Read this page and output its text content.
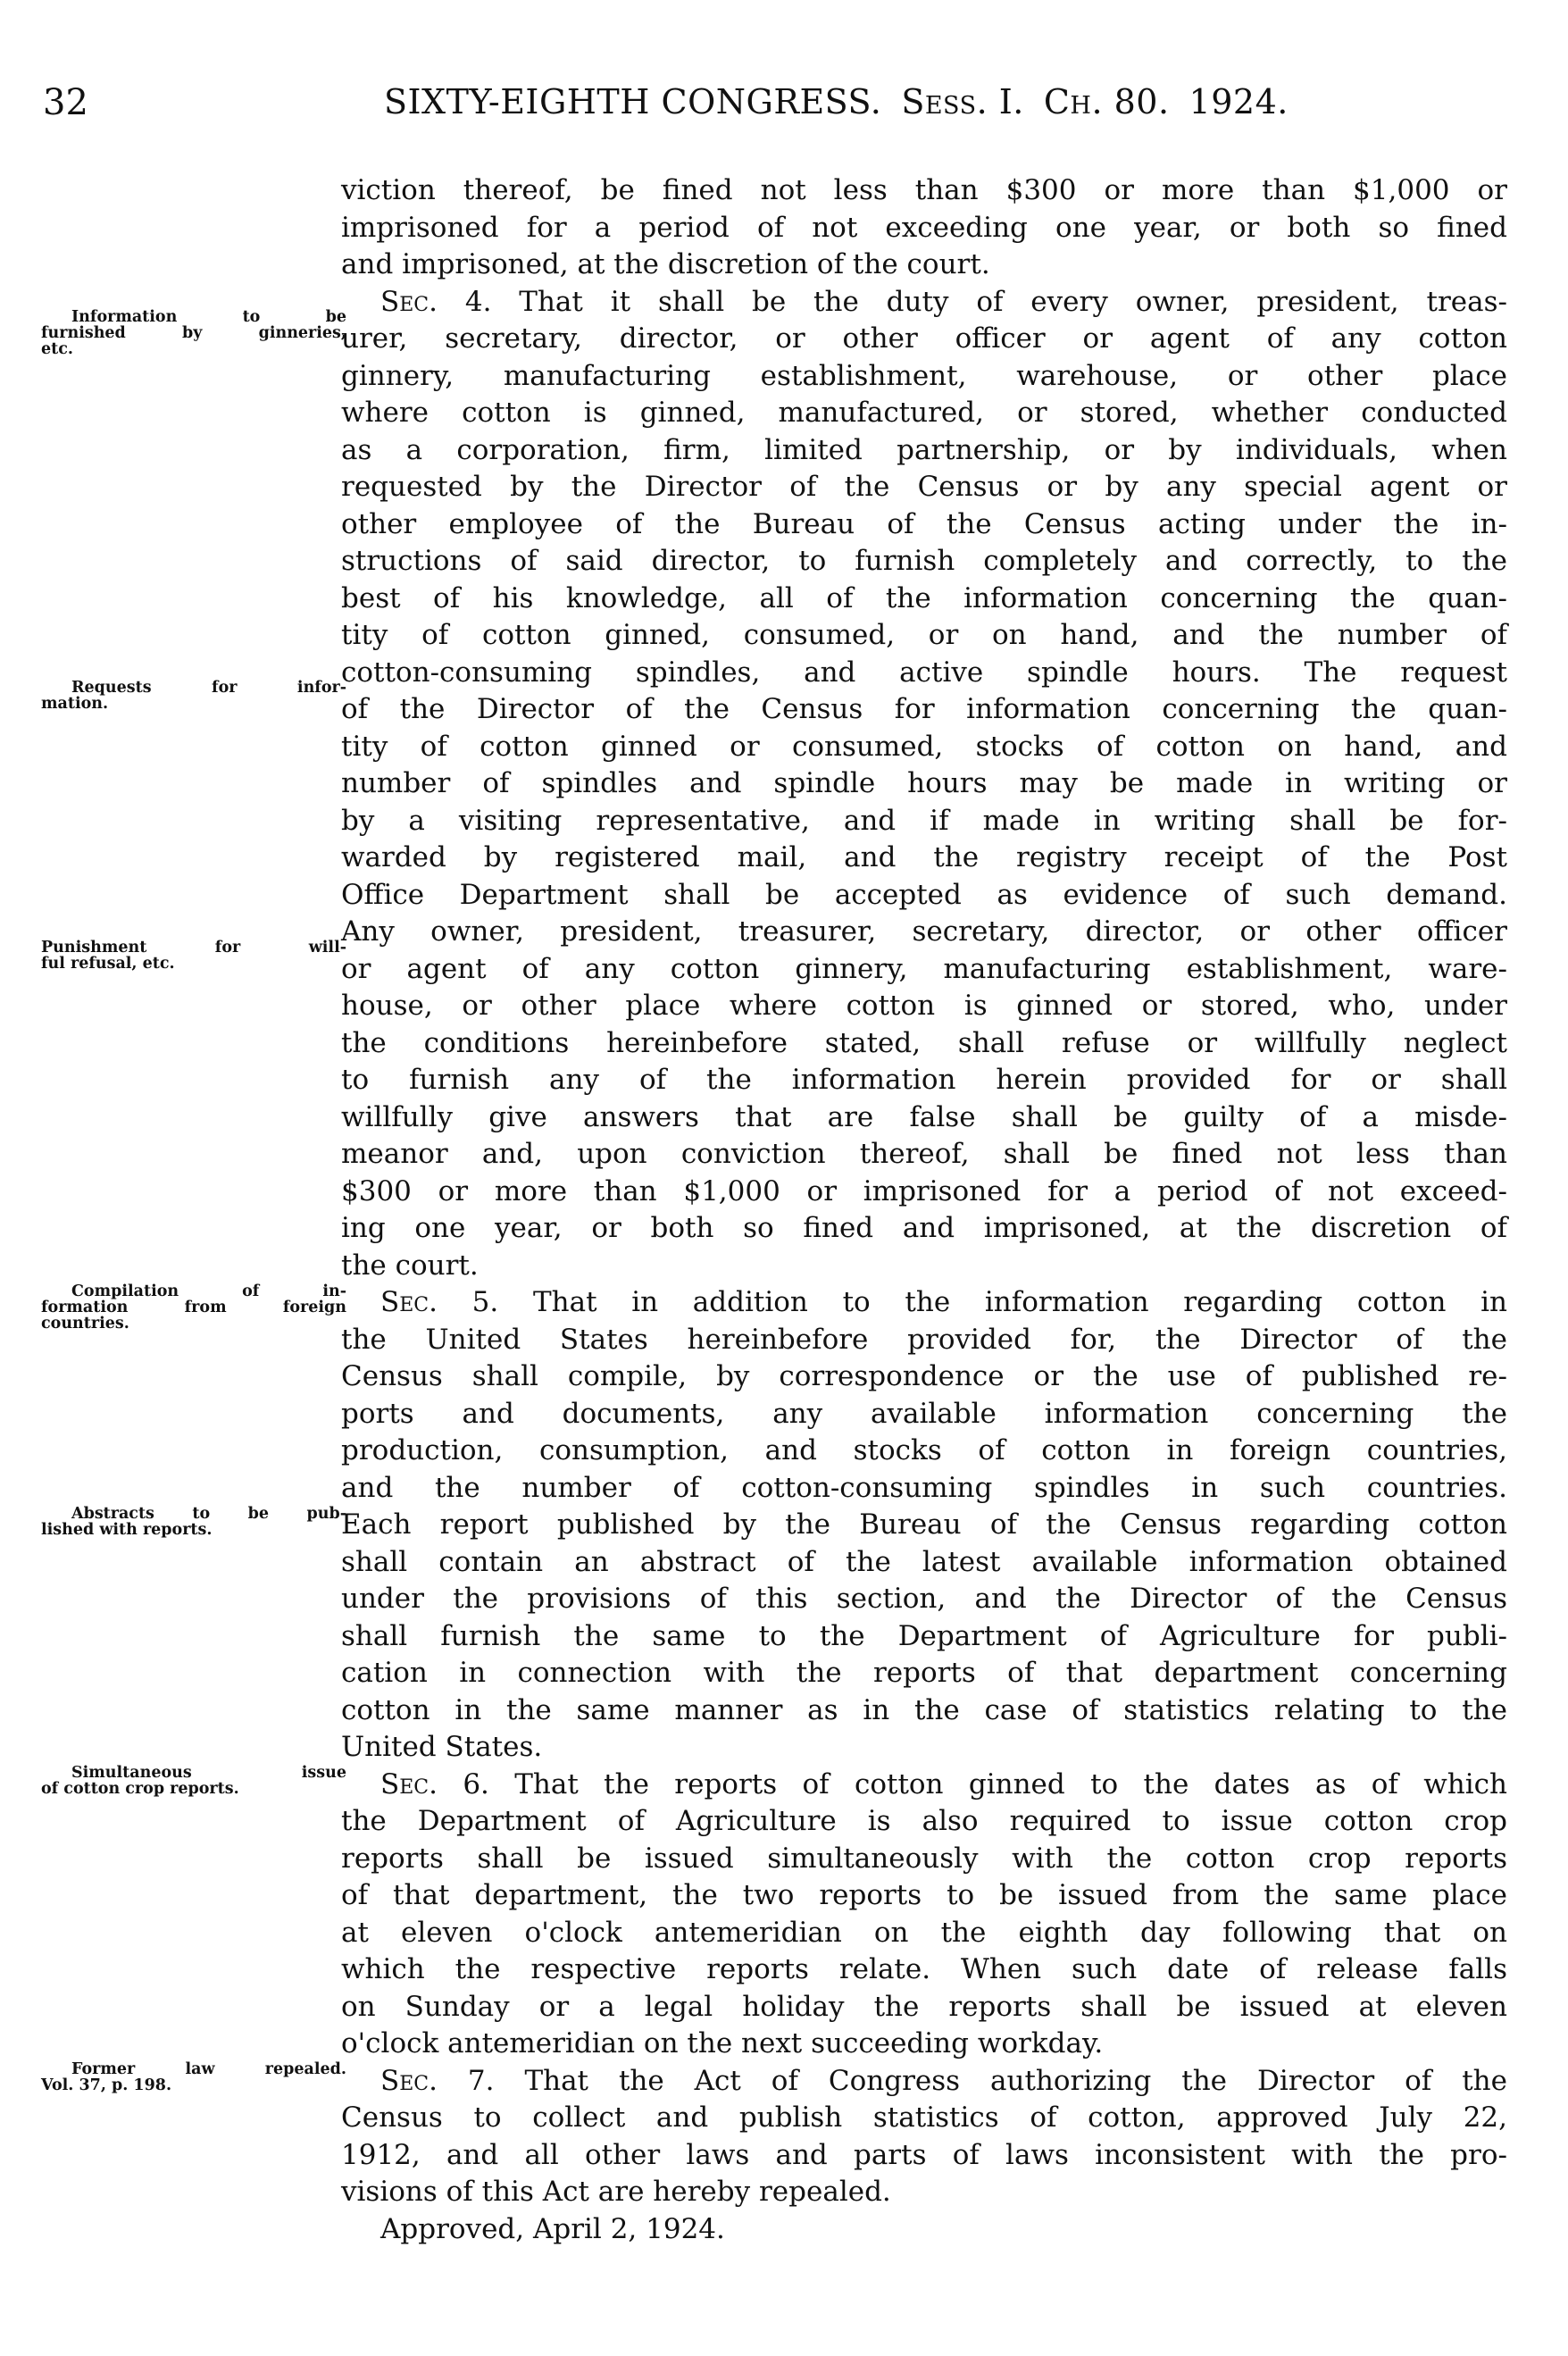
32	SIXTY-EIGHTH CONGRESS. Sess. I. Ch. 80. 1924.
viction thereof, be fined not less than $300 or more than $1,000 or
imprisoned for a period of not exceeding one year, or both so fined
and imprisoned, at the discretion of the court.
Sec. 4. That it shall be the duty of every owner, president, treas-
urer, secretary, director, or other officer or agent of any cotton
ginnery, manufacturing establishment, warehouse, or other place
where cotton is ginned, manufactured, or stored, whether conducted
as a corporation, firm, limited partnership, or by individuals, when
requested by the Director of the Census or by any special agent or
other employee of the Bureau of the Census acting under the in-
structions of said director, to furnish completely and correctly, to the
best of his knowledge, all of the information concerning the quan-
tity of cotton ginned, consumed, or on hand, and the number of
cotton-consuming spindles, and active spindle hours. The request
of the Director of the Census for information concerning the quan-
tity of cotton ginned or consumed, stocks of cotton on hand, and
number of spindles and spindle hours may be made in writing or
by a visiting representative, and if made in writing shall be for-
warded by registered mail, and the registry receipt of the Post
Office Department shall be accepted as evidence of such demand.
Any owner, president, treasurer, secretary, director, or other officer
or agent of any cotton ginnery, manufacturing establishment, ware-
house, or other place where cotton is ginned or stored, who, under
the conditions hereinbefore stated, shall refuse or willfully neglect
to furnish any of the information herein provided for or shall
willfully give answers that are false shall be guilty of a misde-
meanor and, upon conviction thereof, shall be fined not less than
$300 or more than $1,000 or imprisoned for a period of not exceed-
ing one year, or both so fined and imprisoned, at the discretion of
the court.
Sec. 5. That in addition to the information regarding cotton in
the United States hereinbefore provided for, the Director of the
Census shall compile, by correspondence or the use of published re-
ports and documents, any available information concerning the
production, consumption, and stocks of cotton in foreign countries,
and the number of cotton-consuming spindles in such countries.
Each report published by the Bureau of the Census regarding cotton
shall contain an abstract of the latest available information obtained
under the provisions of this section, and the Director of the Census
shall furnish the same to the Department of Agriculture for publi-
cation in connection with the reports of that department concerning
cotton in the same manner as in the case of statistics relating to the
United States.
Sec. 6. That the reports of cotton ginned to the dates as of which
the Department of Agriculture is also required to issue cotton crop
reports shall be issued simultaneously with the cotton crop reports
of that department, the two reports to be issued from the same place
at eleven o'clock antemeridian on the eighth day following that on
which the respective reports relate. When such date of release falls
on Sunday or a legal holiday the reports shall be issued at eleven
o'clock antemeridian on the next succeeding workday.
Sec. 7. That the Act of Congress authorizing the Director of the
Census to collect and publish statistics of cotton, approved July 22,
1912, and all other laws and parts of laws inconsistent with the pro-
visions of this Act are hereby repealed.
Approved, April 2, 1924.
Information to be
furnished by ginneries,
etc.
Requests for infor-
mation.
Punishment for will-
ful refusal, etc.
Compilation of in-
formation from foreign
countries.
Abstracts to be pub-
lished with reports.
Simultaneous issue
of cotton crop reports.
Former law repealed.
Vol. 37, p. 198.
